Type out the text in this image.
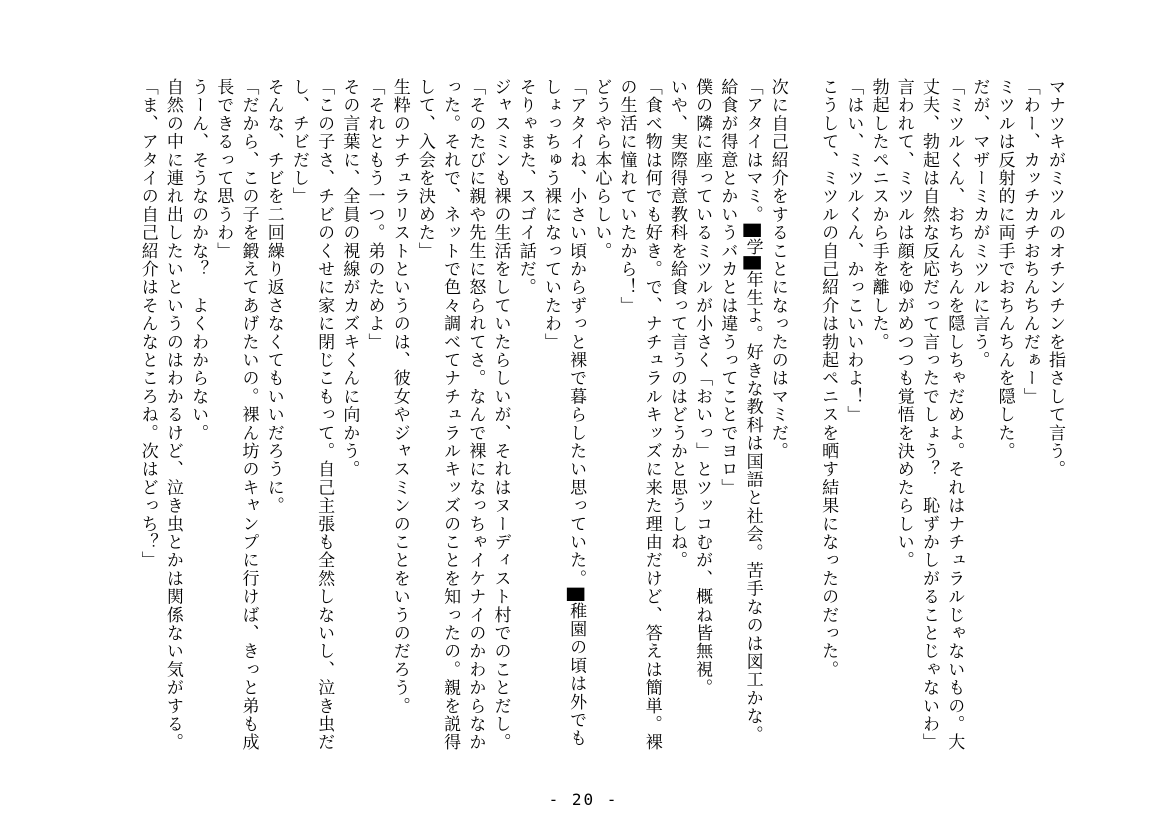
マナツキがミツルのオチンチンを指さして言う。
「わー、カッチカチおちんちんだぁー」
ミツルは反射的に両手でおちんちんを隠した。
だが、マザーミカがミツルに言う。
「ミツルくん、おちんちんを隠しちゃだめよ。それはナチュラルじゃないもの。大
丈夫、勃起は自然な反応だって言ったでしょう？　恥ずかしがることじゃないわ」
言われて、ミツルは顔をゆがめつつも覚悟を決めたらしい。
勃起したペニスから手を離した。
「はい、ミツルくん、かっこいいわよ！」
こうして、ミツルの自己紹介は勃起ペニスを晒す結果になったのだった。
次に自己紹介をすることになったのはマミだ。
「アタイはマミ。▇学▇年生よ。好きな教科は国語と社会。苦手なのは図工かな。
給食が得意とかいうバカとは違うってことでヨロ」
僕の隣に座っているミツルが小さく「おいっ」とツッコむが、概ね皆無視。
いや、実際得意教科を給食って言うのはどうかと思うしね。
「食べ物は何でも好き。で、ナチュラルキッズに来た理由だけど、答えは簡単。裸
の生活に憧れていたから！」
どうやら本心らしい。
「アタイね、小さい頃からずっと裸で暮らしたい思っていた。▇稚園の頃は外でも
しょっちゅう裸になっていたわ」
そりゃまた、スゴイ話だ。
ジャスミンも裸の生活をしていたらしいが、それはヌーディスト村でのことだし。
「そのたびに親や先生に怒られてさ。なんで裸になっちゃイケナイのかわからなか
った。それで、ネットで色々調べてナチュラルキッズのことを知ったの。親を説得
して、入会を決めた」
生粋のナチュラリストというのは、彼女やジャスミンのことをいうのだろう。
「それともう一つ。弟のためよ」
その言葉に、全員の視線がカズキくんに向かう。
「この子さ、チビのくせに家に閉じこもって。自己主張も全然しないし、泣き虫だ
し、チビだし」
そんな、チビを二回繰り返さなくてもいいだろうに。
「だから、この子を鍛えてあげたいの。裸ん坊のキャンプに行けば、きっと弟も成
長できるって思うわ」
うーん、そうなのかな？　よくわからない。
自然の中に連れ出したいというのはわかるけど、泣き虫とかは関係ない気がする。
「ま、アタイの自己紹介はそんなところね。次はどっち？」
- 20 -
